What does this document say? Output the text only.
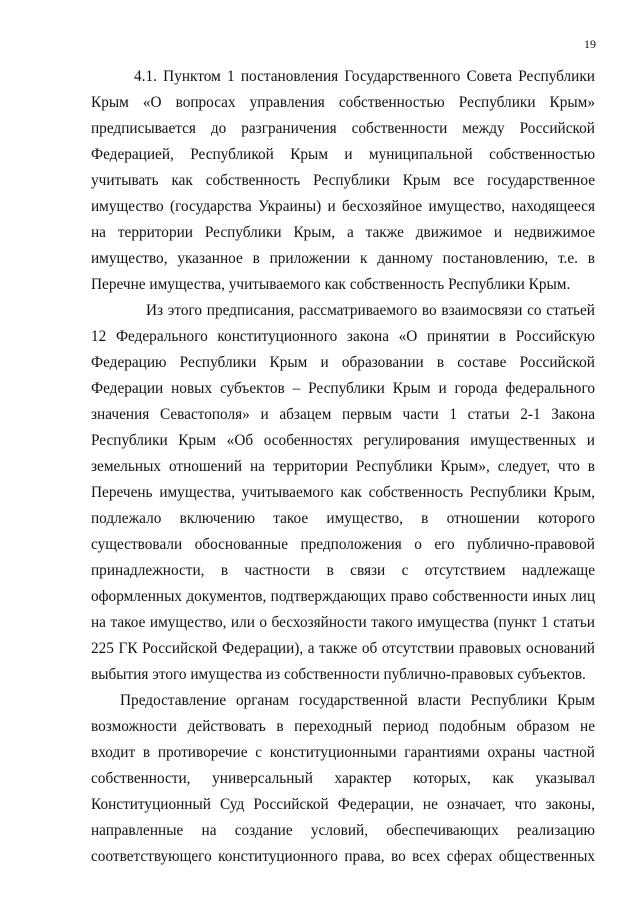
19

4.1. Пунктом 1 постановления Государственного Совета Республики Крым «О вопросах управления собственностью Республики Крым» предписывается до разграничения собственности между Российской Федерацией, Республикой Крым и муниципальной собственностью учитывать как собственность Республики Крым все государственное имущество (государства Украины) и бесхозяйное имущество, находящееся на территории Республики Крым, а также движимое и недвижимое имущество, указанное в приложении к данному постановлению, т.е. в Перечне имущества, учитываемого как собственность Республики Крым.

Из этого предписания, рассматриваемого во взаимосвязи со статьей 12 Федерального конституционного закона «О принятии в Российскую Федерацию Республики Крым и образовании в составе Российской Федерации новых субъектов – Республики Крым и города федерального значения Севастополя» и абзацем первым части 1 статьи 2-1 Закона Республики Крым «Об особенностях регулирования имущественных и земельных отношений на территории Республики Крым», следует, что в Перечень имущества, учитываемого как собственность Республики Крым, подлежало включению такое имущество, в отношении которого существовали обоснованные предположения о его публично-правовой принадлежности, в частности в связи с отсутствием надлежаще оформленных документов, подтверждающих право собственности иных лиц на такое имущество, или о бесхозяйности такого имущества (пункт 1 статьи 225 ГК Российской Федерации), а также об отсутствии правовых оснований выбытия этого имущества из собственности публично-правовых субъектов.

Предоставление органам государственной власти Республики Крым возможности действовать в переходный период подобным образом не входит в противоречие с конституционными гарантиями охраны частной собственности, универсальный характер которых, как указывал Конституционный Суд Российской Федерации, не означает, что законы, направленные на создание условий, обеспечивающих реализацию соответствующего конституционного права, во всех сферах общественных
